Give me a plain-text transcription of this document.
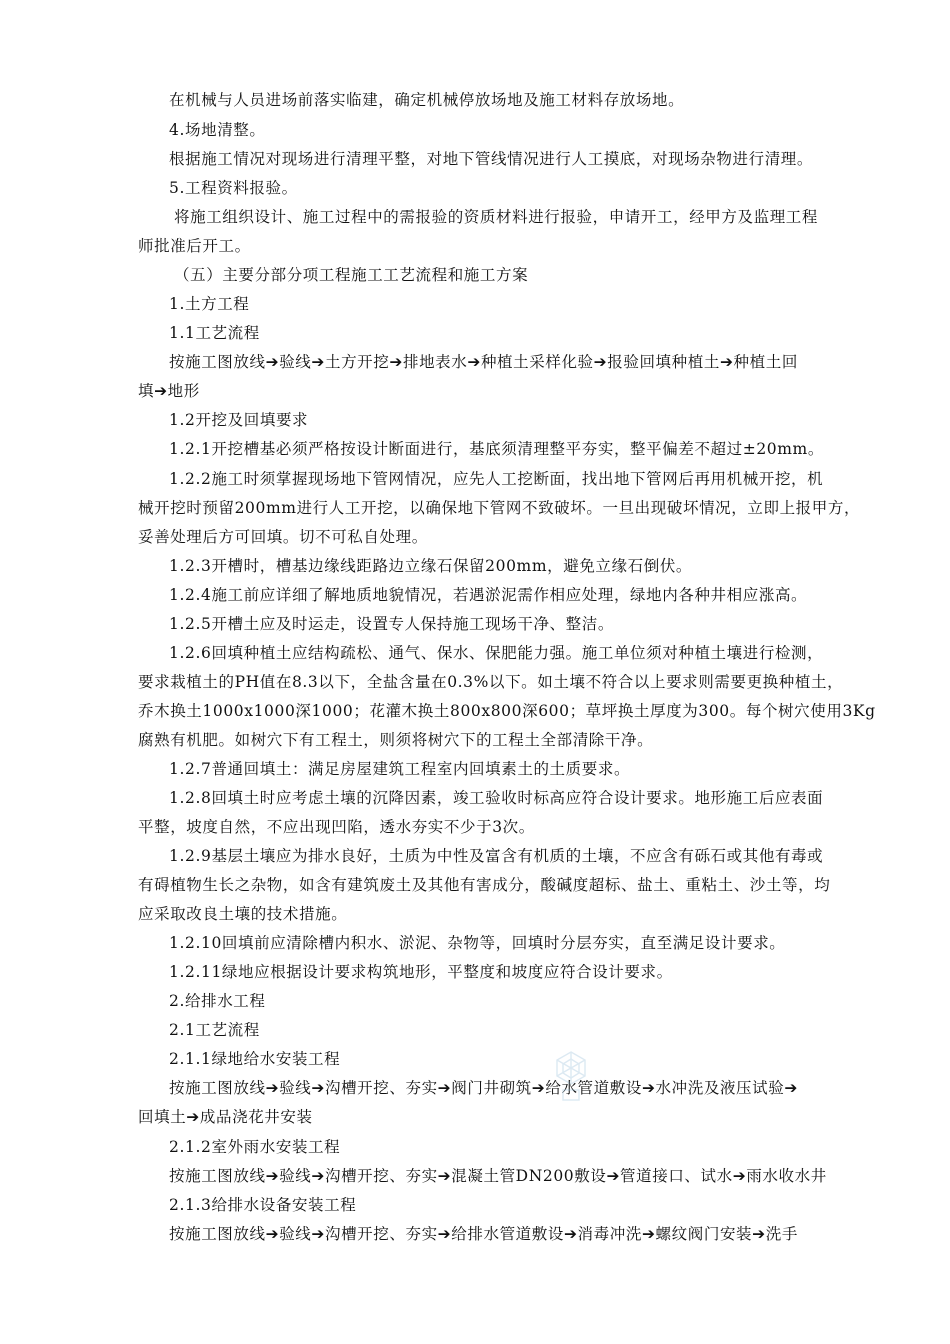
在机械与人员进场前落实临建，确定机械停放场地及施工材料存放场地。
4.场地清整。
根据施工情况对现场进行清理平整，对地下管线情况进行人工摸底，对现场杂物进行清理。
5.工程资料报验。
将施工组织设计、施工过程中的需报验的资质材料进行报验，申请开工，经甲方及监理工程
师批准后开工。
（五）主要分部分项工程施工工艺流程和施工方案
1.土方工程
1.1工艺流程
按施工图放线➔验线➔土方开挖➔排地表水➔种植土采样化验➔报验回填种植土➔种植土回
填➔地形
1.2开挖及回填要求
1.2.1开挖槽基必须严格按设计断面进行，基底须清理整平夯实，整平偏差不超过±20mm。
1.2.2施工时须掌握现场地下管网情况，应先人工挖断面，找出地下管网后再用机械开挖，机
械开挖时预留200mm进行人工开挖，以确保地下管网不致破坏。一旦出现破坏情况，立即上报甲方，
妥善处理后方可回填。切不可私自处理。
1.2.3开槽时，槽基边缘线距路边立缘石保留200mm，避免立缘石倒伏。
1.2.4施工前应详细了解地质地貌情况，若遇淤泥需作相应处理，绿地内各种井相应涨高。
1.2.5开槽土应及时运走，设置专人保持施工现场干净、整洁。
1.2.6回填种植土应结构疏松、通气、保水、保肥能力强。施工单位须对种植土壤进行检测，
要求栽植土的PH值在8.3以下，全盐含量在0.3%以下。如土壤不符合以上要求则需要更换种植土，
乔木换土1000x1000深1000；花灌木换土800x800深600；草坪换土厚度为300。每个树穴使用3Kg
腐熟有机肥。如树穴下有工程土，则须将树穴下的工程土全部清除干净。
1.2.7普通回填土：满足房屋建筑工程室内回填素土的土质要求。
1.2.8回填土时应考虑土壤的沉降因素，竣工验收时标高应符合设计要求。地形施工后应表面
平整，坡度自然，不应出现凹陷，透水夯实不少于3次。
1.2.9基层土壤应为排水良好，土质为中性及富含有机质的土壤，不应含有砾石或其他有毒或
有碍植物生长之杂物，如含有建筑废土及其他有害成分，酸碱度超标、盐土、重粘土、沙土等，均
应采取改良土壤的技术措施。
1.2.10回填前应清除槽内积水、淤泥、杂物等，回填时分层夯实，直至满足设计要求。
1.2.11绿地应根据设计要求构筑地形，平整度和坡度应符合设计要求。
2.给排水工程
2.1工艺流程
2.1.1绿地给水安装工程
按施工图放线➔验线➔沟槽开挖、夯实➔阀门井砌筑➔给水管道敷设➔水冲洗及液压试验➔
回填土➔成品浇花井安装
2.1.2室外雨水安装工程
按施工图放线➔验线➔沟槽开挖、夯实➔混凝土管DN200敷设➔管道接口、试水➔雨水收水井
2.1.3给排水设备安装工程
按施工图放线➔验线➔沟槽开挖、夯实➔给排水管道敷设➔消毒冲洗➔螺纹阀门安装➔洗手
